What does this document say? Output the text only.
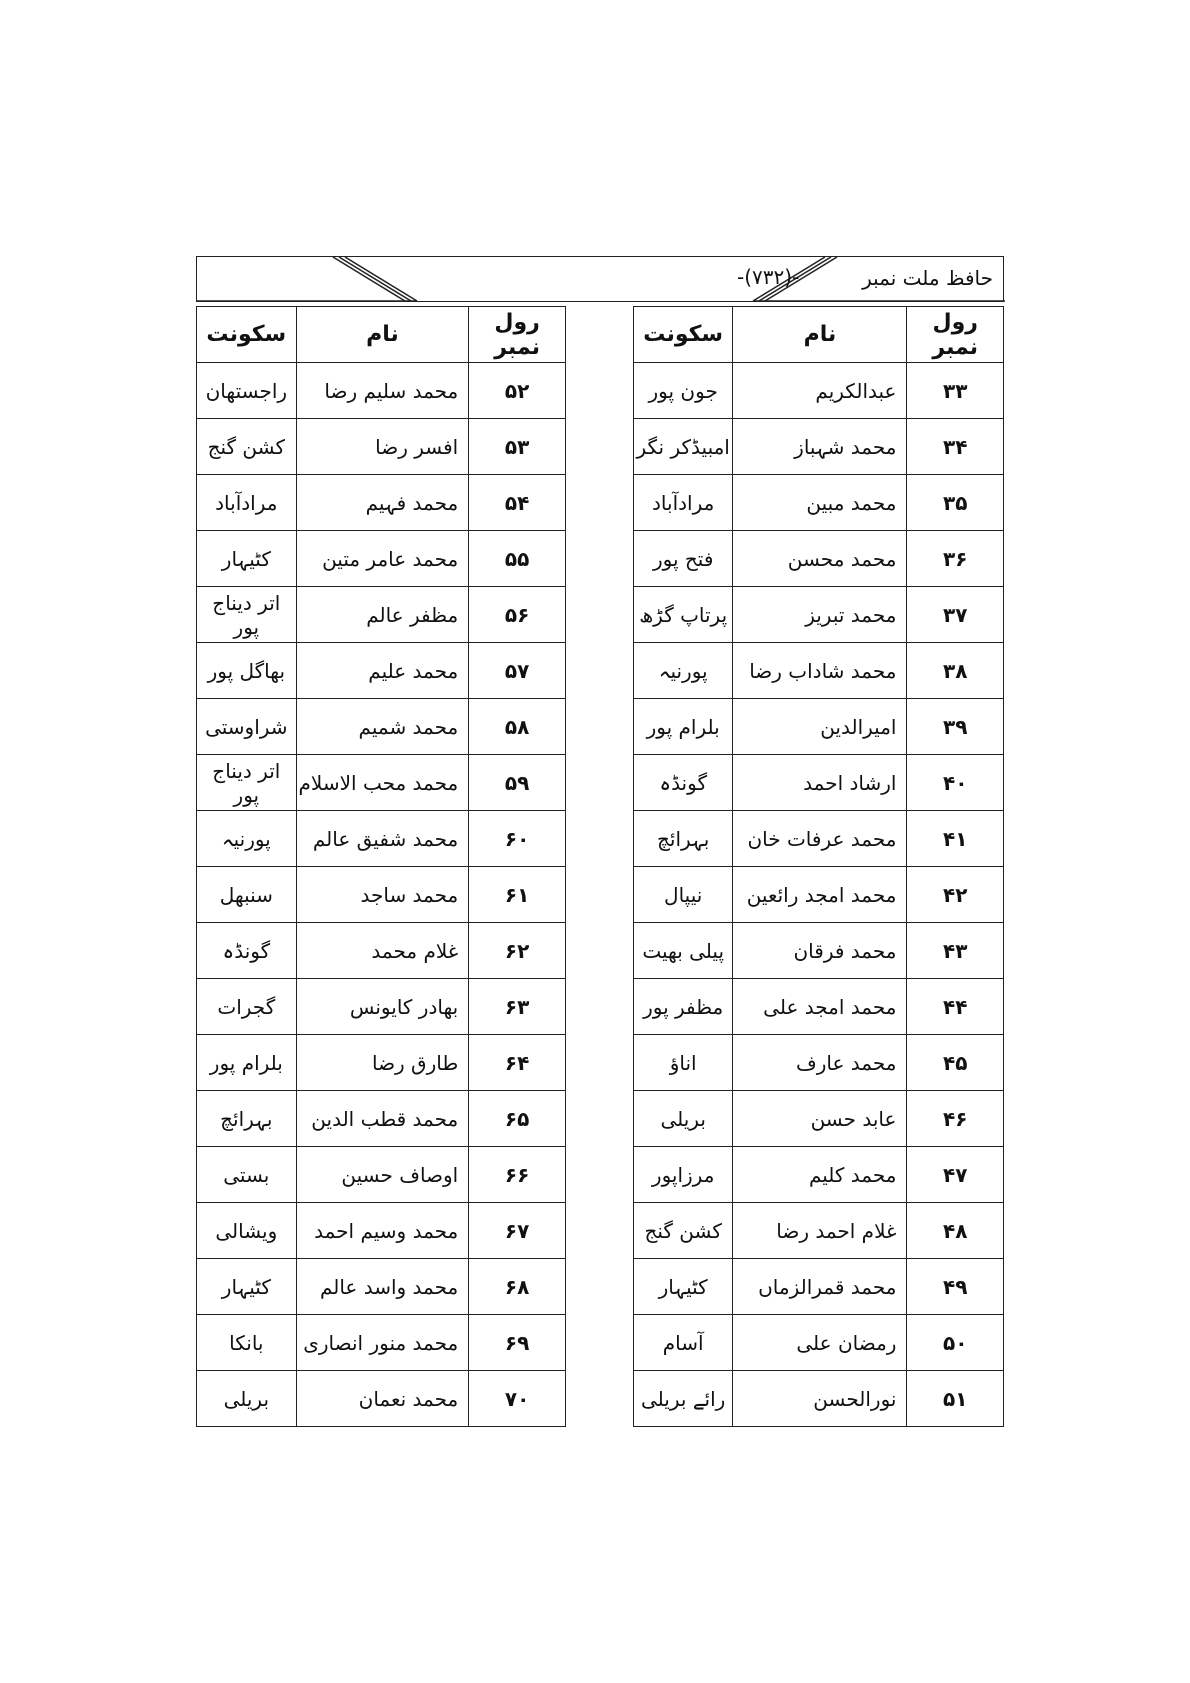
حافظ ملت نمبر
-(۷۳۲)-
رول نمبر	نام	سکونت
۳۳	عبدالکریم	جون پور
۳۴	محمد شہباز	امبیڈکر نگر
۳۵	محمد مبین	مرادآباد
۳۶	محمد محسن	فتح پور
۳۷	محمد تبریز	پرتاپ گڑھ
۳۸	محمد شاداب رضا	پورنیہ
۳۹	امیرالدین	بلرام پور
۴۰	ارشاد احمد	گونڈہ
۴۱	محمد عرفات خان	بہرائچ
۴۲	محمد امجد رائعین	نیپال
۴۳	محمد فرقان	پیلی بھیت
۴۴	محمد امجد علی	مظفر پور
۴۵	محمد عارف	اناؤ
۴۶	عابد حسن	بریلی
۴۷	محمد کلیم	مرزاپور
۴۸	غلام احمد رضا	کشن گنج
۴۹	محمد قمرالزماں	کٹیہار
۵۰	رمضان علی	آسام
۵۱	نورالحسن	رائے بریلی
رول نمبر	نام	سکونت
۵۲	محمد سلیم رضا	راجستھان
۵۳	افسر رضا	کشن گنج
۵۴	محمد فہیم	مرادآباد
۵۵	محمد عامر متین	کٹیہار
۵۶	مظفر عالم	اتر دیناج پور
۵۷	محمد علیم	بھاگل پور
۵۸	محمد شمیم	شراوستی
۵۹	محمد محب الاسلام	اتر دیناج پور
۶۰	محمد شفیق عالم	پورنیہ
۶۱	محمد ساجد	سنبھل
۶۲	غلام محمد	گونڈہ
۶۳	بھادر کایونس	گجرات
۶۴	طارق رضا	بلرام پور
۶۵	محمد قطب الدین	بہرائچ
۶۶	اوصاف حسین	بستی
۶۷	محمد وسیم احمد	ویشالی
۶۸	محمد واسد عالم	کٹیہار
۶۹	محمد منور انصاری	بانکا
۷۰	محمد نعمان	بریلی
